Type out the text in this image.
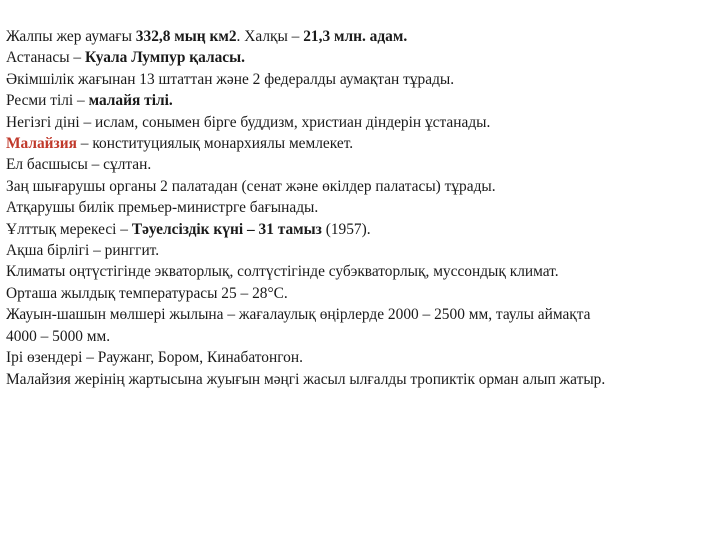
Жалпы жер аумағы 332,8 мың км2. Халқы – 21,3 млн. адам.
Астанасы – Куала Лумпур қаласы.
Әкімшілік жағынан 13 штаттан және 2 федералды аумақтан тұрады.
Ресми тілі – малайя тілі.
Негізгі діні – ислам, сонымен бірге буддизм, христиан діндерін ұстанады.
Малайзия – конституциялық монархиялы мемлекет.
Ел басшысы – сұлтан.
Заң шығарушы органы 2 палатадан (сенат және өкілдер палатасы) тұрады.
Атқарушы билік премьер-министрге бағынады.
Ұлттық мерекесі – Тәуелсіздік күні – 31 тамыз (1957).
Ақша бірлігі – ринггит.
Климаты оңтүстігінде экваторлық, солтүстігінде субэкваторлық, муссондық климат.
Орташа жылдық температурасы 25 – 28°С.
Жауын-шашын мөлшері жылына – жағалаулық өңірлерде 2000 – 2500 мм, таулы аймақта
4000 – 5000 мм.
Ірі өзендері – Раужанг, Бором, Кинабатонгон.
Малайзия жерінің жартысына жуығын мәңгі жасыл ылғалды тропиктік орман алып жатыр.
